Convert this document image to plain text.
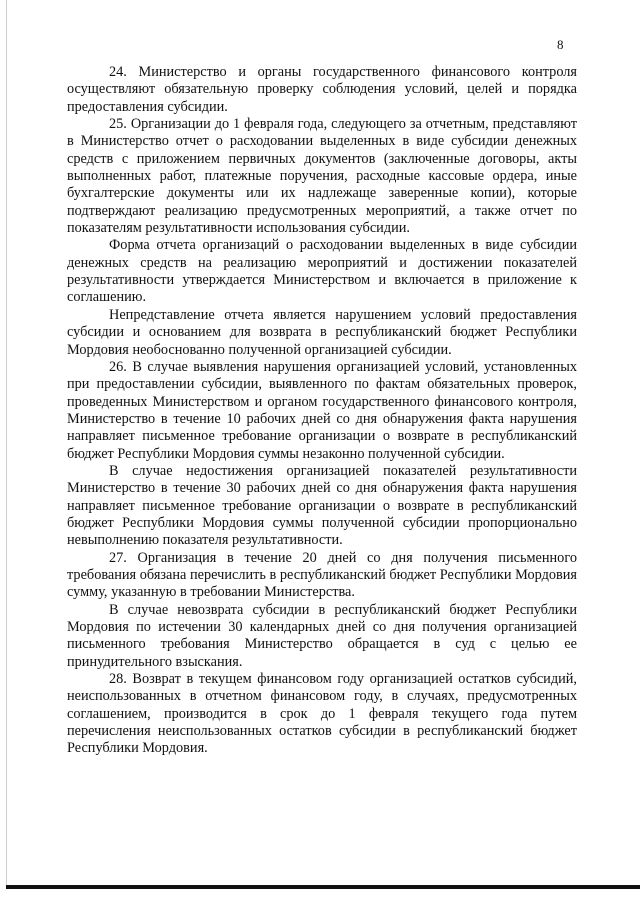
8

24. Министерство и органы государственного финансового контроля осуществляют обязательную проверку соблюдения условий, целей и порядка предоставления субсидии.

25. Организации до 1 февраля года, следующего за отчетным, представляют в Министерство отчет о расходовании выделенных в виде субсидии денежных средств с приложением первичных документов (заключенные договоры, акты выполненных работ, платежные поручения, расходные кассовые ордера, иные бухгалтерские документы или их надлежаще заверенные копии), которые подтверждают реализацию предусмотренных мероприятий, а также отчет по показателям результативности использования субсидии.

Форма отчета организаций о расходовании выделенных в виде субсидии денежных средств на реализацию мероприятий и достижении показателей результативности утверждается Министерством и включается в приложение к соглашению.

Непредставление отчета является нарушением условий предоставления субсидии и основанием для возврата в республиканский бюджет Республики Мордовия необоснованно полученной организацией субсидии.

26. В случае выявления нарушения организацией условий, установленных при предоставлении субсидии, выявленного по фактам обязательных проверок, проведенных Министерством и органом государственного финансового контроля, Министерство в течение 10 рабочих дней со дня обнаружения факта нарушения направляет письменное требование организации о возврате в республиканский бюджет Республики Мордовия суммы незаконно полученной субсидии.

В случае недостижения организацией показателей результативности Министерство в течение 30 рабочих дней со дня обнаружения факта нарушения направляет письменное требование организации о возврате в республиканский бюджет Республики Мордовия суммы полученной субсидии пропорционально невыполнению показателя результативности.

27. Организация в течение 20 дней со дня получения письменного требования обязана перечислить в республиканский бюджет Республики Мордовия сумму, указанную в требовании Министерства.

В случае невозврата субсидии в республиканский бюджет Республики Мордовия по истечении 30 календарных дней со дня получения организацией письменного требования Министерство обращается в суд с целью ее принудительного взыскания.

28. Возврат в текущем финансовом году организацией остатков субсидий, неиспользованных в отчетном финансовом году, в случаях, предусмотренных соглашением, производится в срок до 1 февраля текущего года путем перечисления неиспользованных остатков субсидии в республиканский бюджет Республики Мордовия.
